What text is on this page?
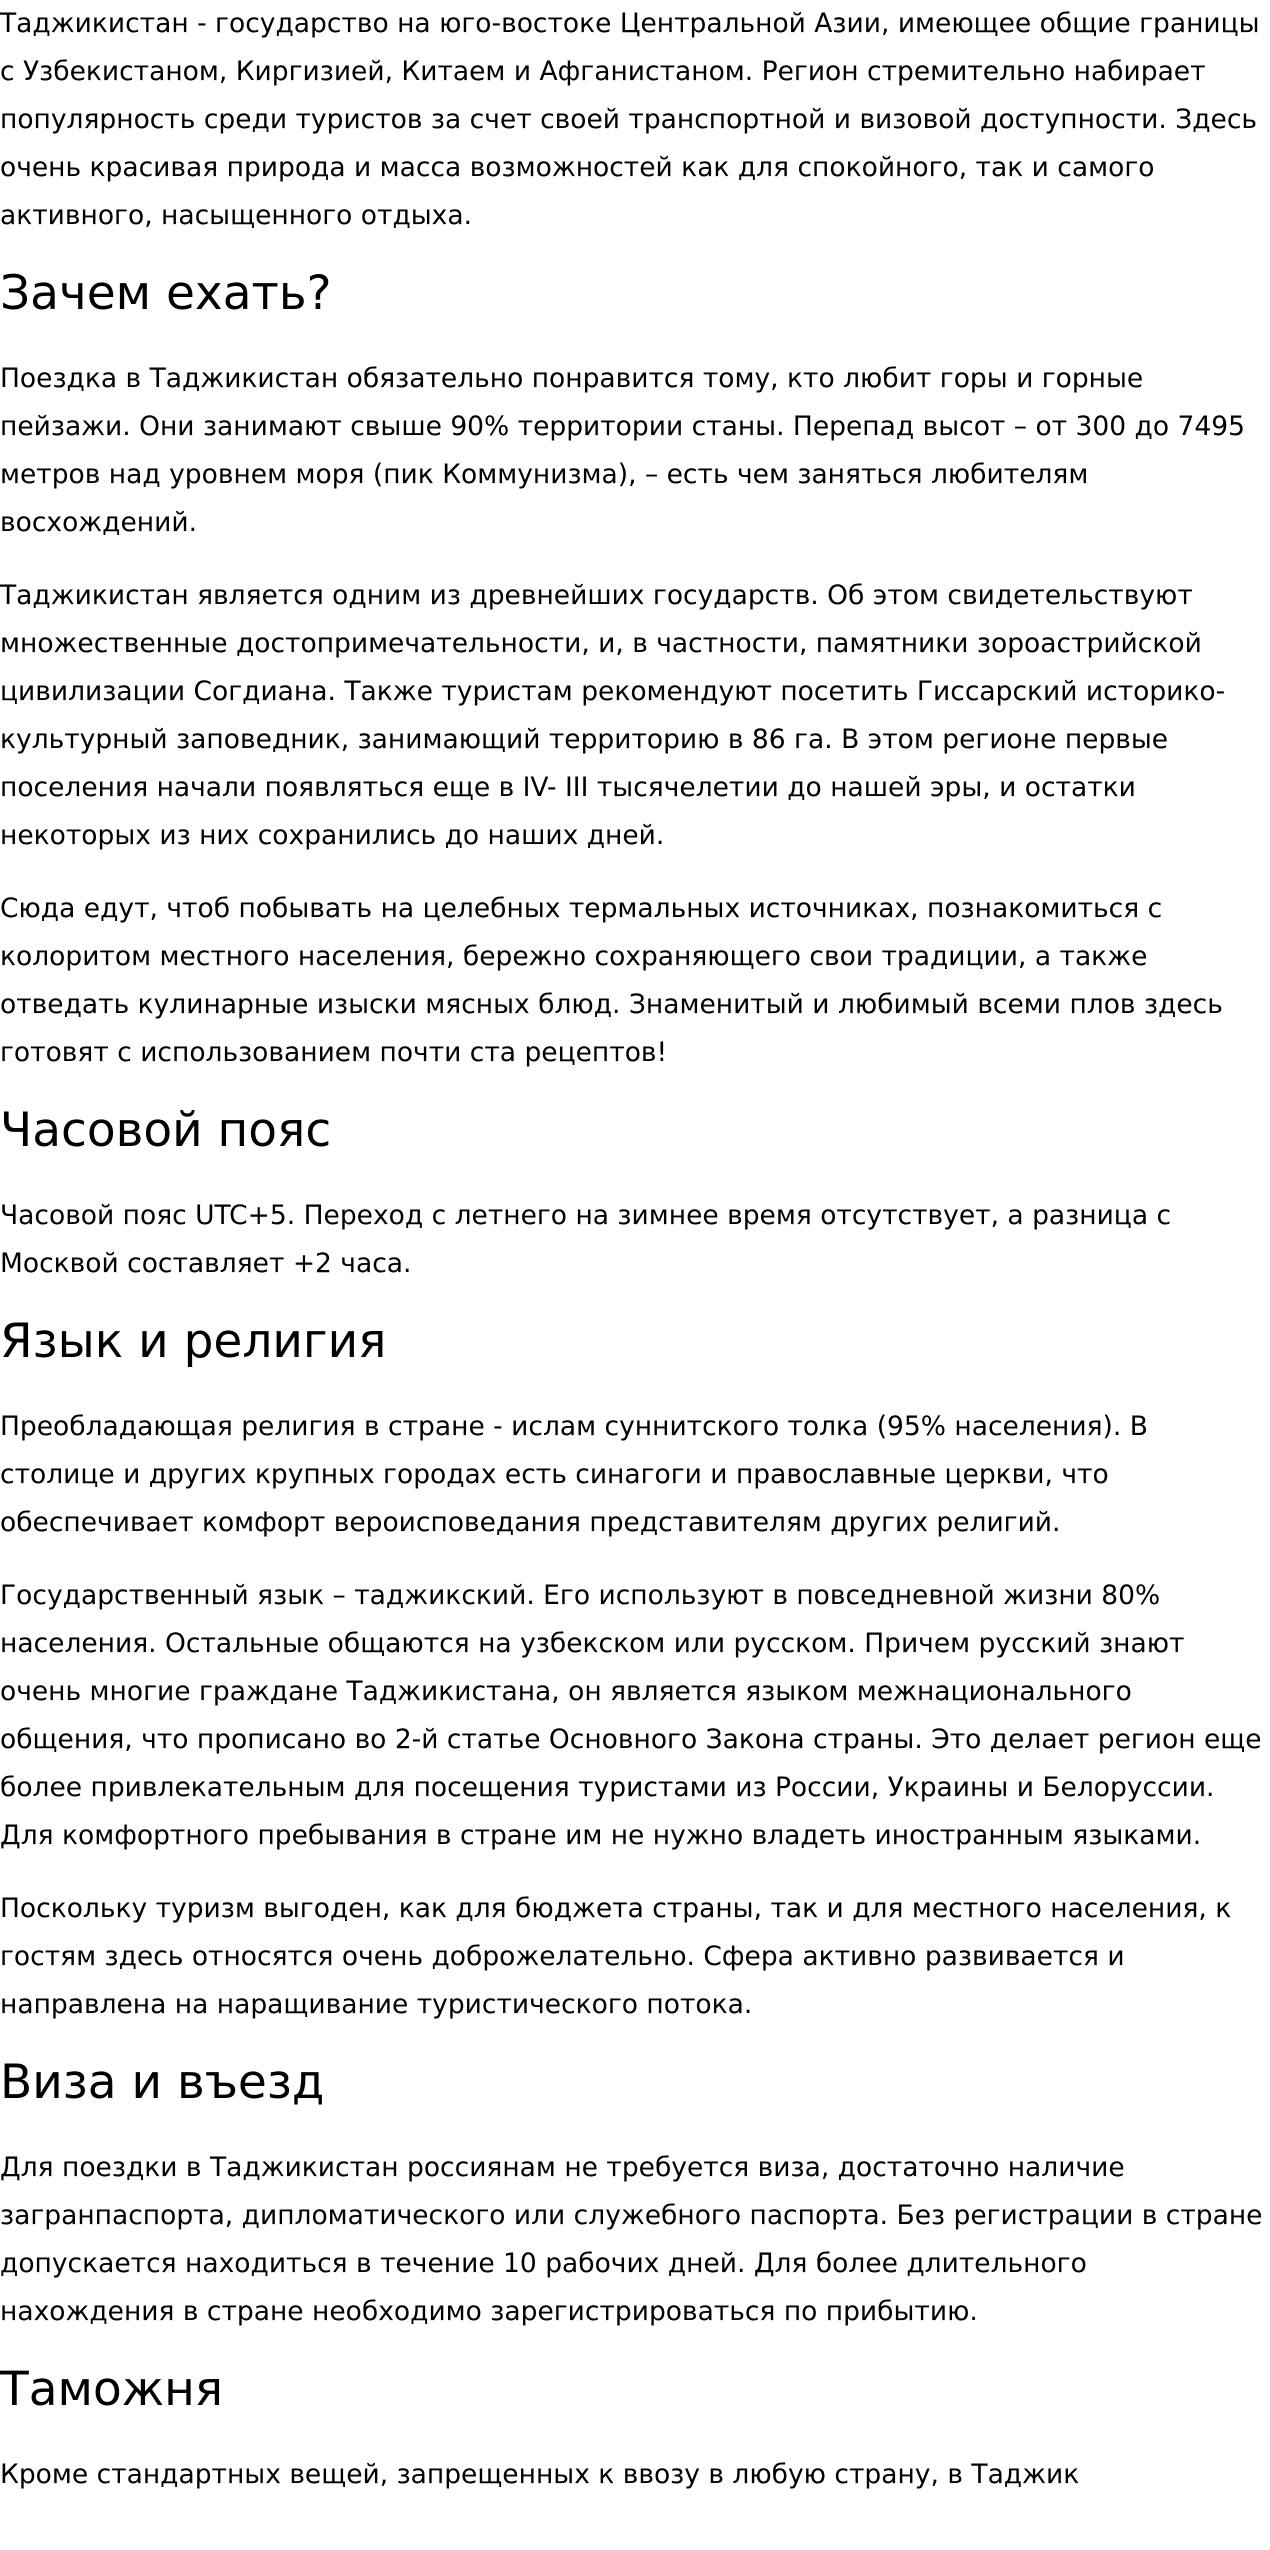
Таджикистан - государство на юго-востоке Центральной Азии, имеющее общие границы с Узбекистаном, Киргизией, Китаем и Афганистаном. Регион стремительно набирает популярность среди туристов за счет своей транспортной и визовой доступности. Здесь очень красивая природа и масса возможностей как для спокойного, так и самого активного, насыщенного отдыха.

Зачем ехать?

Поездка в Таджикистан обязательно понравится тому, кто любит горы и горные пейзажи. Они занимают свыше 90% территории станы. Перепад высот – от 300 до 7495 метров над уровнем моря (пик Коммунизма), – есть чем заняться любителям восхождений.

Таджикистан является одним из древнейших государств. Об этом свидетельствуют множественные достопримечательности, и, в частности, памятники зороастрийской цивилизации Согдиана. Также туристам рекомендуют посетить Гиссарский историко-культурный заповедник, занимающий территорию в 86 га. В этом регионе первые поселения начали появляться еще в IV- III тысячелетии до нашей эры, и остатки некоторых из них сохранились до наших дней.

Сюда едут, чтоб побывать на целебных термальных источниках, познакомиться с колоритом местного населения, бережно сохраняющего свои традиции, а также отведать кулинарные изыски мясных блюд. Знаменитый и любимый всеми плов здесь готовят с использованием почти ста рецептов!

Часовой пояс

Часовой пояс UTC+5. Переход с летнего на зимнее время отсутствует, а разница с Москвой составляет +2 часа.

Язык и религия

Преобладающая религия в стране - ислам суннитского толка (95% населения). В столице и других крупных городах есть синагоги и православные церкви, что обеспечивает комфорт вероисповедания представителям других религий.

Государственный язык – таджикский. Его используют в повседневной жизни 80% населения. Остальные общаются на узбекском или русском. Причем русский знают очень многие граждане Таджикистана, он является языком межнационального общения, что прописано во 2-й статье Основного Закона страны. Это делает регион еще более привлекательным для посещения туристами из России, Украины и Белоруссии. Для комфортного пребывания в стране им не нужно владеть иностранным языками.

Поскольку туризм выгоден, как для бюджета страны, так и для местного населения, к гостям здесь относятся очень доброжелательно. Сфера активно развивается и направлена на наращивание туристического потока.

Виза и въезд

Для поездки в Таджикистан россиянам не требуется виза, достаточно наличие загранпаспорта, дипломатического или служебного паспорта. Без регистрации в стране допускается находиться в течение 10 рабочих дней. Для более длительного нахождения в стране необходимо зарегистрироваться по прибытию.

Таможня

Кроме стандартных вещей, запрещенных к ввозу в любую страну, в Таджик
